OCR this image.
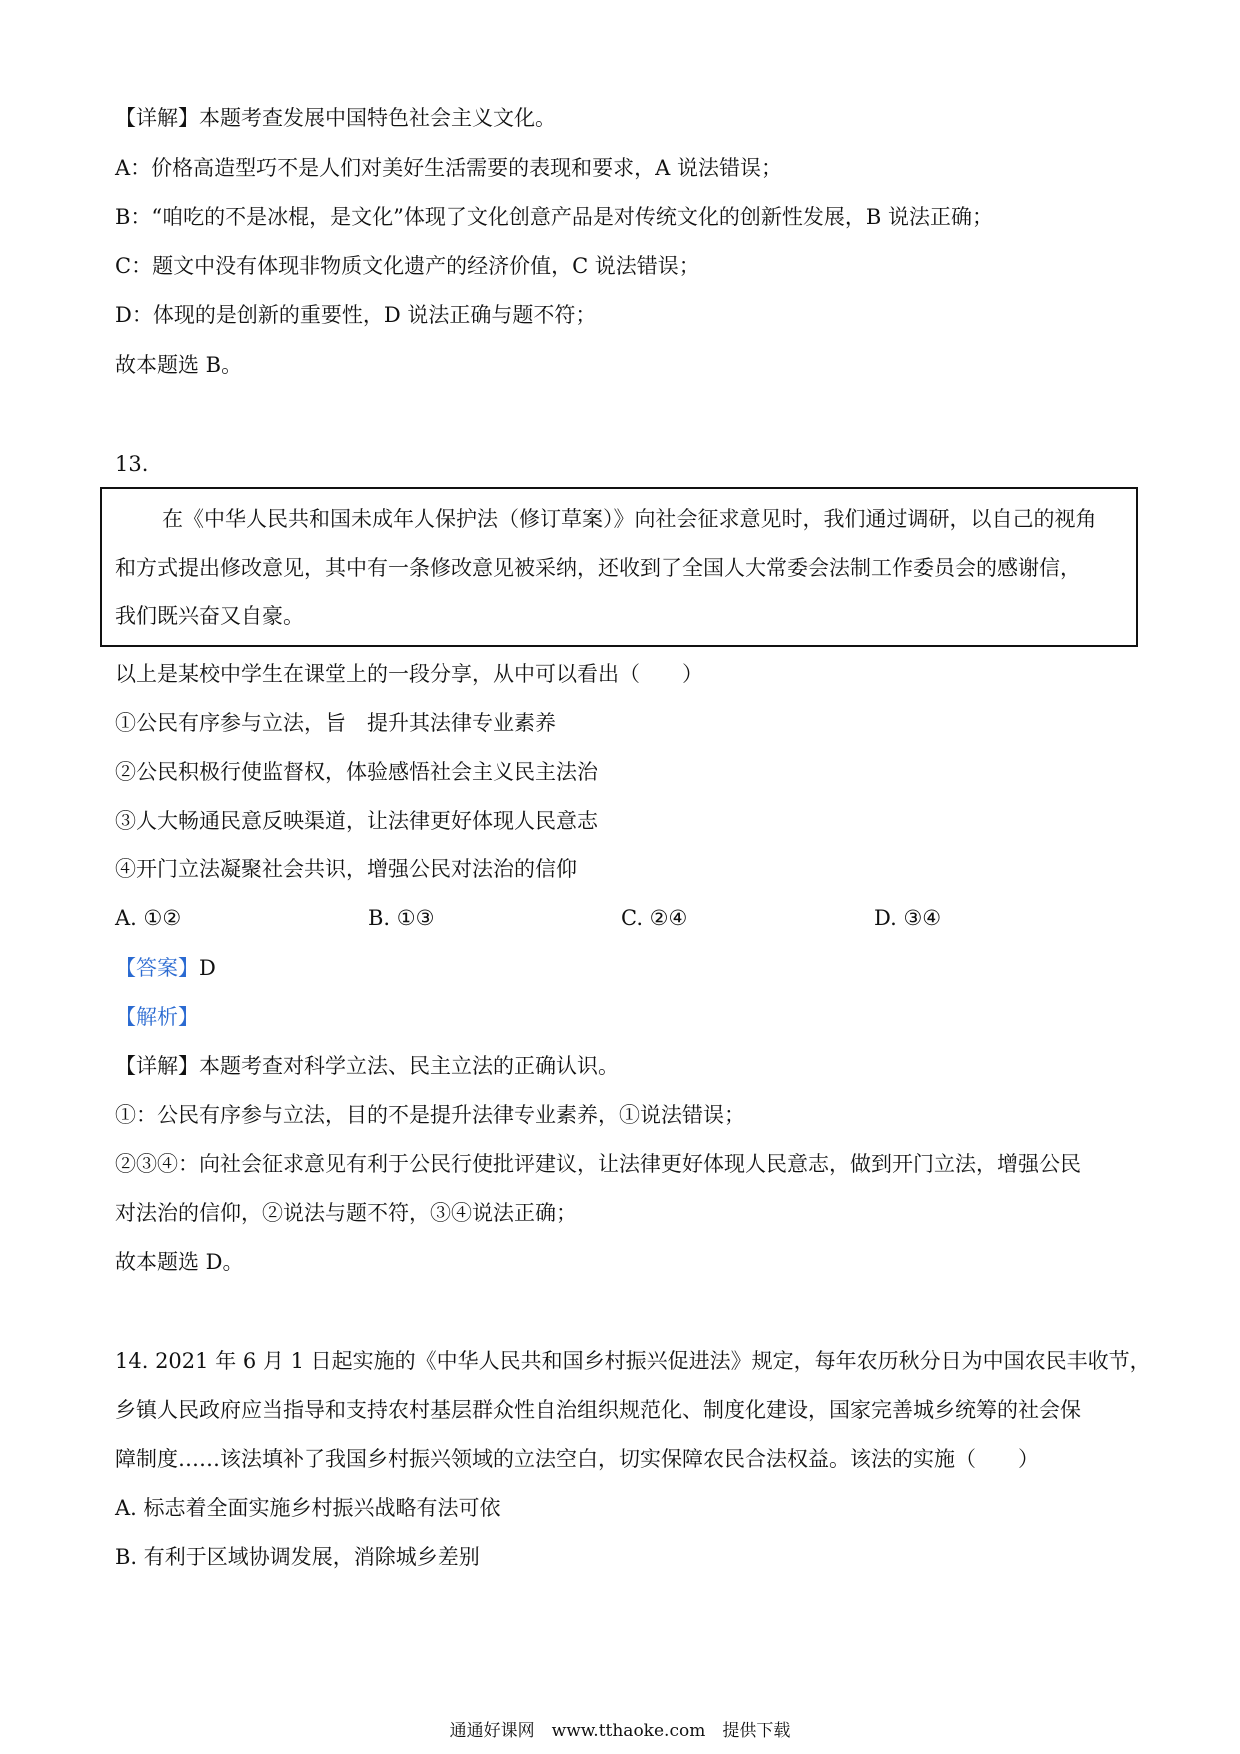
【详解】本题考查发展中国特色社会主义文化。
A：价格高造型巧不是人们对美好生活需要的表现和要求，A 说法错误；
B：“咱吃的不是冰棍，是文化”体现了文化创意产品是对传统文化的创新性发展，B 说法正确；
C：题文中没有体现非物质文化遗产的经济价值，C 说法错误；
D：体现的是创新的重要性，D 说法正确与题不符；
故本题选 B。
13.
在《中华人民共和国未成年人保护法（修订草案）》向社会征求意见时，我们通过调研，以自己的视角
和方式提出修改意见，其中有一条修改意见被采纳，还收到了全国人大常委会法制工作委员会的感谢信，
我们既兴奋又自豪。
以上是某校中学生在课堂上的一段分享，从中可以看出（　　）
①公民有序参与立法，旨　提升其法律专业素养
②公民积极行使监督权，体验感悟社会主义民主法治
③人大畅通民意反映渠道，让法律更好体现人民意志
④开门立法凝聚社会共识，增强公民对法治的信仰
A. ①②	B. ①③	C. ②④	D. ③④
【答案】D
【解析】
【详解】本题考查对科学立法、民主立法的正确认识。
①：公民有序参与立法，目的不是提升法律专业素养，①说法错误；
②③④：向社会征求意见有利于公民行使批评建议，让法律更好体现人民意志，做到开门立法，增强公民
对法治的信仰，②说法与题不符，③④说法正确；
故本题选 D。
14. 2021 年 6 月 1 日起实施的《中华人民共和国乡村振兴促进法》规定，每年农历秋分日为中国农民丰收节，
乡镇人民政府应当指导和支持农村基层群众性自治组织规范化、制度化建设，国家完善城乡统筹的社会保
障制度……该法填补了我国乡村振兴领域的立法空白，切实保障农民合法权益。该法的实施（　　）
A. 标志着全面实施乡村振兴战略有法可依
B. 有利于区域协调发展，消除城乡差别
通通好课网　www.tthaoke.com　提供下载
